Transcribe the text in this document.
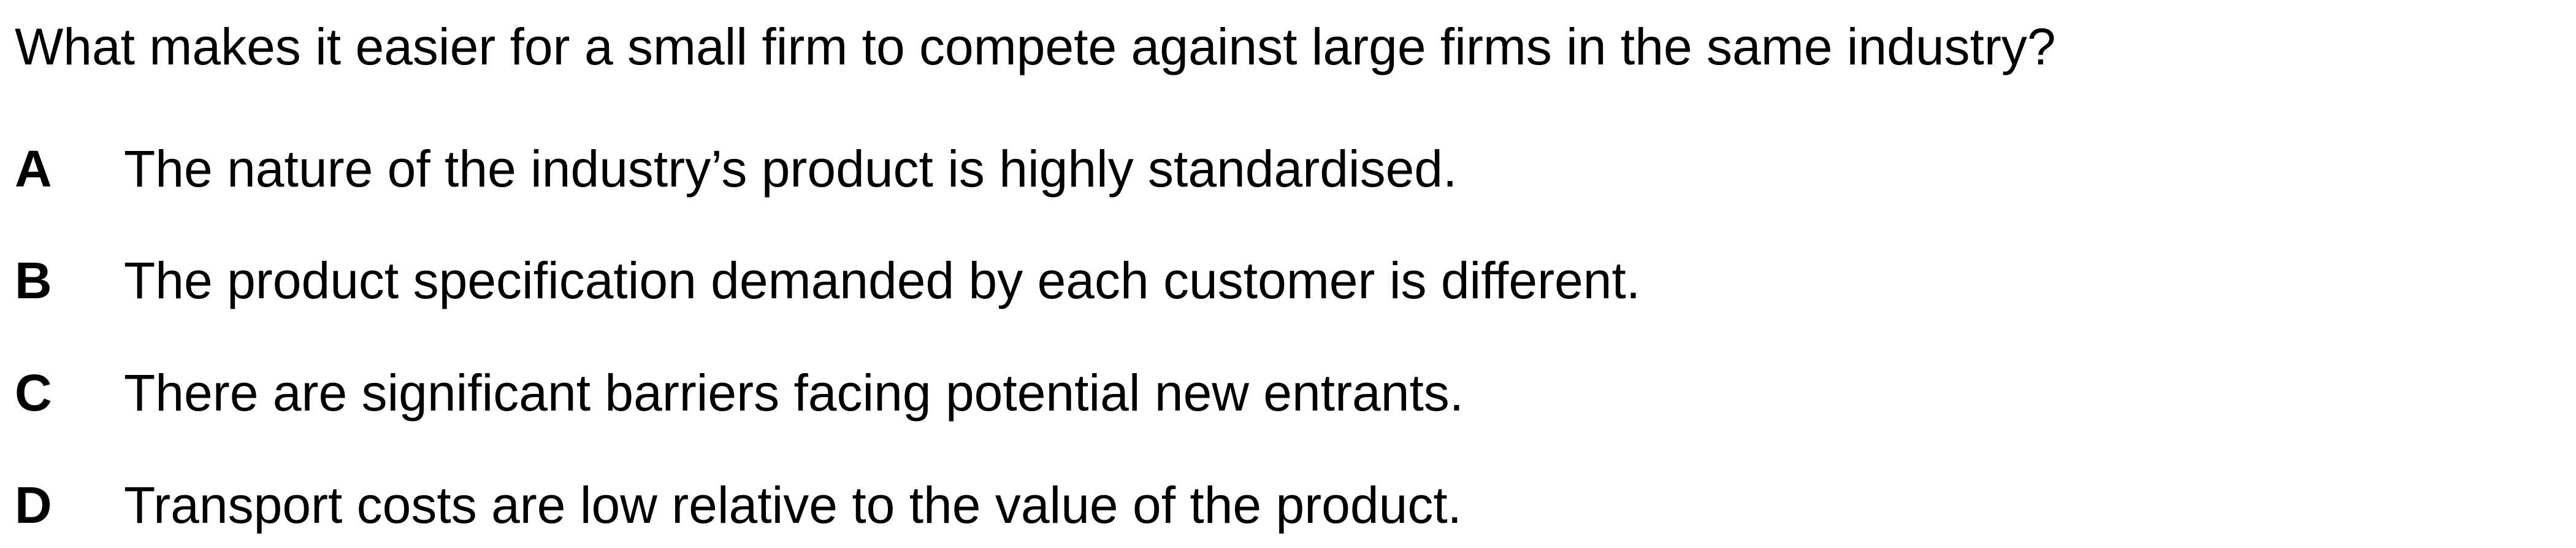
What makes it easier for a small firm to compete against large firms in the same industry?
A	The nature of the industry’s product is highly standardised.
B	The product specification demanded by each customer is different.
C	There are significant barriers facing potential new entrants.
D	Transport costs are low relative to the value of the product.
